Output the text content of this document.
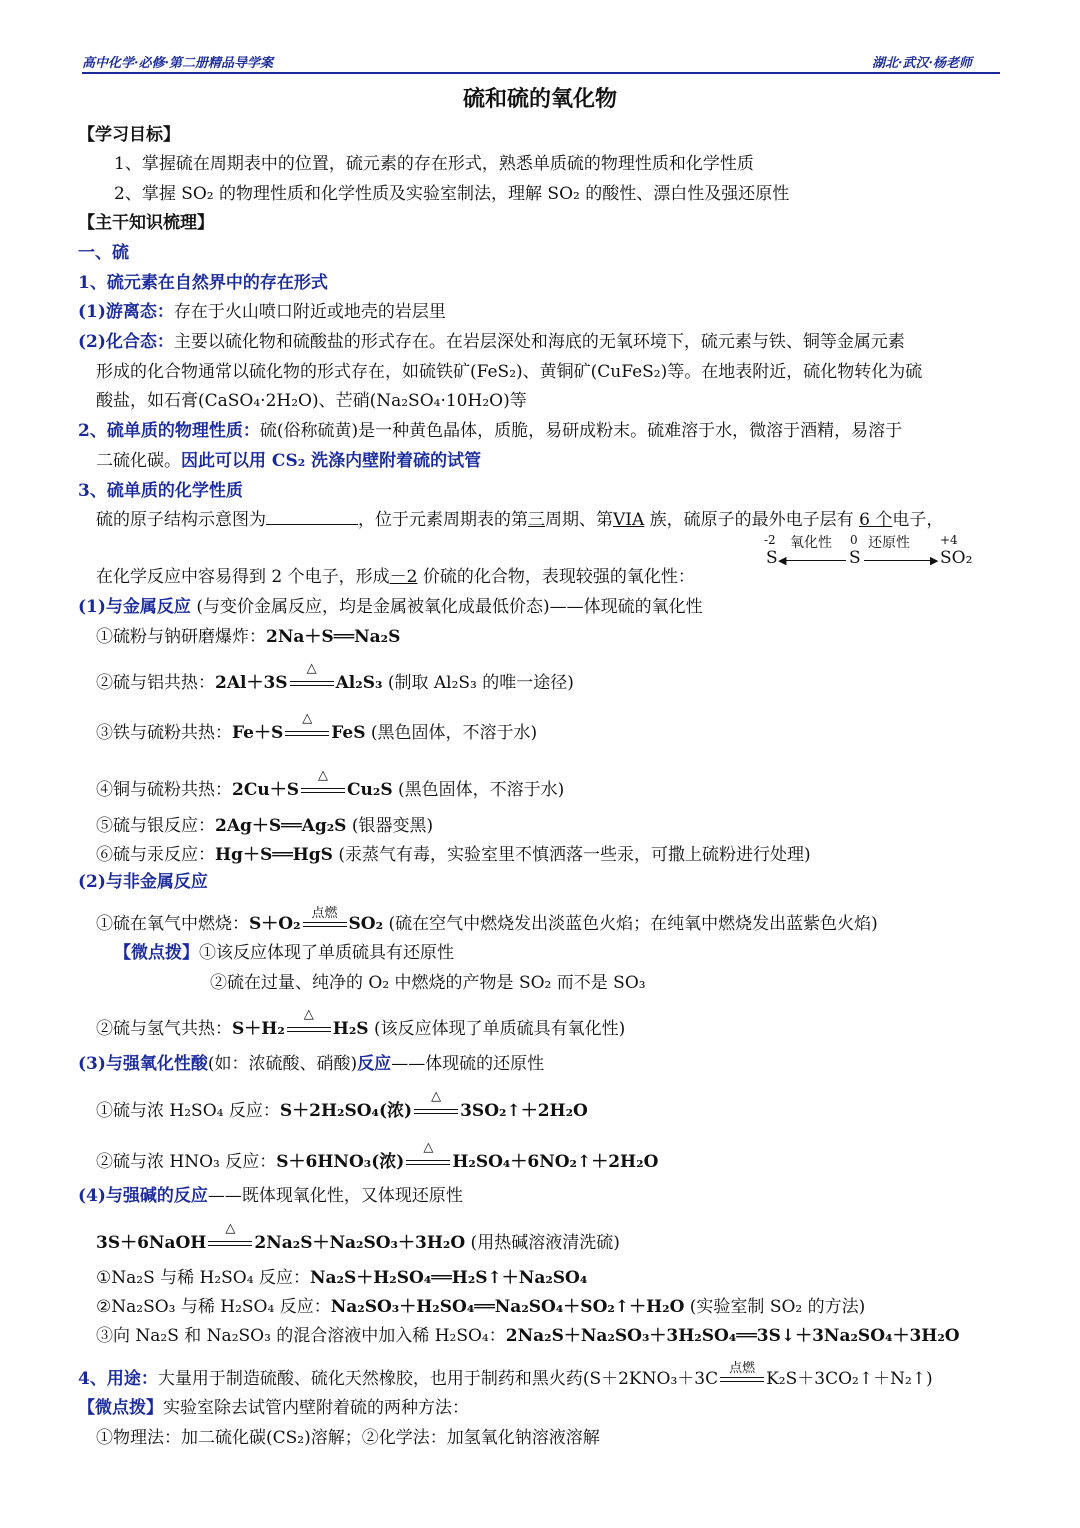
高中化学·必修·第二册精品导学案	湖北·武汉·杨老师
硫和硫的氧化物
【学习目标】
1、掌握硫在周期表中的位置，硫元素的存在形式，熟悉单质硫的物理性质和化学性质
2、掌握 SO₂ 的物理性质和化学性质及实验室制法，理解 SO₂ 的酸性、漂白性及强还原性
【主干知识梳理】
一、硫
1、硫元素在自然界中的存在形式
(1)游离态：存在于火山喷口附近或地壳的岩层里
(2)化合态：主要以硫化物和硫酸盐的形式存在。在岩层深处和海底的无氧环境下，硫元素与铁、铜等金属元素
形成的化合物通常以硫化物的形式存在，如硫铁矿(FeS₂)、黄铜矿(CuFeS₂)等。在地表附近，硫化物转化为硫
酸盐，如石膏(CaSO₄·2H₂O)、芒硝(Na₂SO₄·10H₂O)等
2、硫单质的物理性质：硫(俗称硫黄)是一种黄色晶体，质脆，易研成粉末。硫难溶于水，微溶于酒精，易溶于
二硫化碳。因此可以用 CS₂ 洗涤内壁附着硫的试管
3、硫单质的化学性质
硫的原子结构示意图为	，位于元素周期表的第三周期、第VIA 族，硫原子的最外电子层有 6 个电子，
在化学反应中容易得到 2 个电子，形成－2 价硫的化合物，表现较强的氧化性：
-2
S
氧化性
◀
0
S
还原性
▶
+4
SO₂
(1)与金属反应 (与变价金属反应，均是金属被氧化成最低价态)——体现硫的氧化性
①硫粉与钠研磨爆炸：2Na＋S══Na₂S
②硫与铝共热：2Al＋3S
△
Al₂S₃ (制取 Al₂S₃ 的唯一途径)
③铁与硫粉共热：Fe＋S
△
FeS (黑色固体，不溶于水)
④铜与硫粉共热：2Cu＋S
△
Cu₂S (黑色固体，不溶于水)
⑤硫与银反应：2Ag＋S══Ag₂S (银器变黑)
⑥硫与汞反应：Hg＋S══HgS (汞蒸气有毒，实验室里不慎洒落一些汞，可撒上硫粉进行处理)
(2)与非金属反应
①硫在氧气中燃烧：S＋O₂
点燃
SO₂ (硫在空气中燃烧发出淡蓝色火焰；在纯氧中燃烧发出蓝紫色火焰)
【微点拨】①该反应体现了单质硫具有还原性
②硫在过量、纯净的 O₂ 中燃烧的产物是 SO₂ 而不是 SO₃
②硫与氢气共热：S＋H₂
△
H₂S (该反应体现了单质硫具有氧化性)
(3)与强氧化性酸(如：浓硫酸、硝酸)反应——体现硫的还原性
①硫与浓 H₂SO₄ 反应：S＋2H₂SO₄(浓)
△
3SO₂↑＋2H₂O
②硫与浓 HNO₃ 反应：S＋6HNO₃(浓)
△
H₂SO₄＋6NO₂↑＋2H₂O
(4)与强碱的反应——既体现氧化性，又体现还原性
3S＋6NaOH
△
2Na₂S＋Na₂SO₃＋3H₂O (用热碱溶液清洗硫)
①Na₂S 与稀 H₂SO₄ 反应：Na₂S＋H₂SO₄══H₂S↑＋Na₂SO₄
②Na₂SO₃ 与稀 H₂SO₄ 反应：Na₂SO₃＋H₂SO₄══Na₂SO₄＋SO₂↑＋H₂O (实验室制 SO₂ 的方法)
③向 Na₂S 和 Na₂SO₃ 的混合溶液中加入稀 H₂SO₄：2Na₂S＋Na₂SO₃＋3H₂SO₄══3S↓＋3Na₂SO₄＋3H₂O
4、用途：大量用于制造硫酸、硫化天然橡胶，也用于制药和黑火药(S＋2KNO₃＋3C
点燃
K₂S＋3CO₂↑＋N₂↑)
【微点拨】实验室除去试管内壁附着硫的两种方法：
①物理法：加二硫化碳(CS₂)溶解；②化学法：加氢氧化钠溶液溶解
